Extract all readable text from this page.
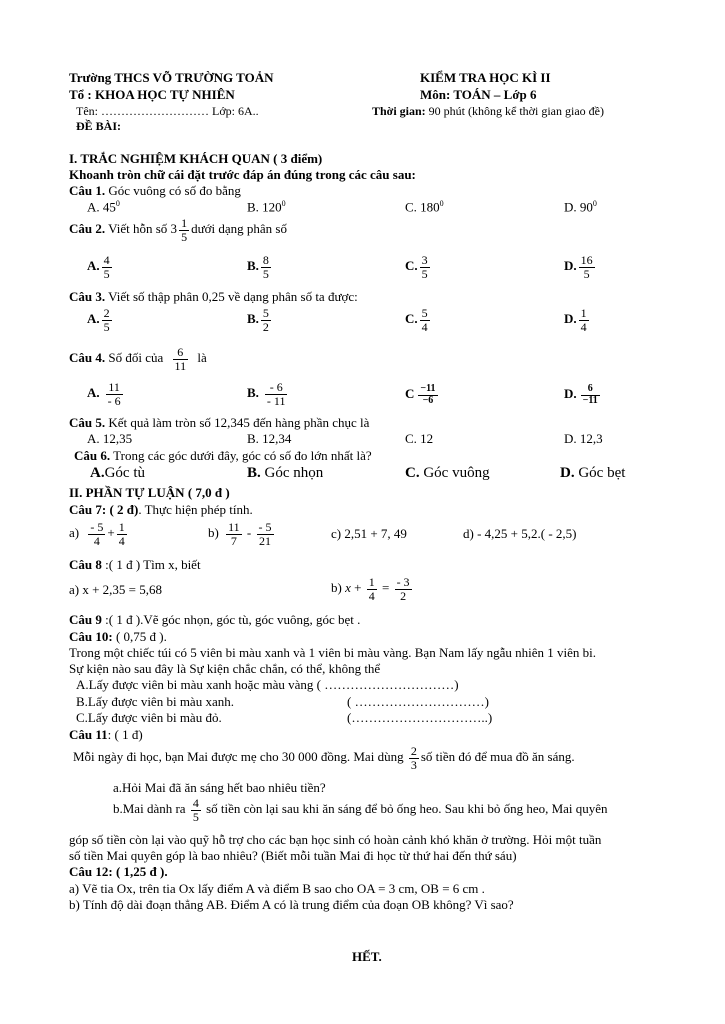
Trường THCS VÕ TRƯỜNG TOẢN	KIỂM TRA HỌC KÌ II
Tổ : KHOA HỌC TỰ NHIÊN	Môn: TOÁN – Lớp 6
Tên: ……………………… Lớp: 6A..	Thời gian: 90 phút (không kể thời gian giao đề)
ĐỀ BÀI:
I. TRẮC NGHIỆM KHÁCH QUAN ( 3 điểm)
Khoanh tròn chữ cái đặt trước đáp án đúng trong các câu sau:
Câu 1. Góc vuông có số đo bằng
A. $45^0$	B. $120^0$	C. $180^0$	D. $90^0$
Câu 2. Viết hỗn số $3 \frac{1}{5}$ dưới dạng phân số
A. $\frac{4}{5}$	B. $\frac{8}{5}$	C. $\frac{3}{5}$	D. $\frac{16}{5}$
Câu 3. Viết số thập phân 0,25 về dạng phân số ta được:
A. $\frac{2}{5}$	B. $\frac{5}{2}$	C. $\frac{5}{4}$	D. $\frac{1}{4}$
Câu 4. Số đối của $\frac{6}{11}$ là
A. $\frac{11}{- 6}$	B. $\frac{- 6}{- 11}$	C $\frac{-11}{-6}$	D. $\frac{6}{-11}$
Câu 5. Kết quả làm tròn số 12,345 đến hàng phần chục là
A. 12,35	B. 12,34	C. 12	D. 12,3
Câu 6. Trong các góc dưới đây, góc có số đo lớn nhất là?
A.Góc tù	B. Góc nhọn	C. Góc vuông	D. Góc bẹt
II. PHẦN TỰ LUẬN ( 7,0 đ )
Câu 7: ( 2 đ). Thực hiện phép tính.
$a) \frac{- 5}{4} + \frac{1}{4}$	$b) \frac{11}{7} - \frac{- 5}{21}$	c) 2,51 + 7, 49	d) - 4,25 + 5,2.( - 2,5)
Câu 8 :( 1 đ ) Tìm x, biết
a) x + 2,35 = 5,68	b) $x + \frac{1}{4} = \frac{- 3}{2}$
Câu 9 :( 1 đ ).Vẽ góc nhọn, góc tù, góc vuông, góc bẹt .
Câu 10: ( 0,75 đ ).
Trong một chiếc túi có 5 viên bi màu xanh và 1 viên bi màu vàng. Bạn Nam lấy ngẫu nhiên 1 viên bi.
Sự kiện nào sau đây là Sự kiện chắc chắn, có thể, không thể
A.Lấy được viên bi màu xanh hoặc màu vàng ( …………………………)
B.Lấy được viên bi màu xanh.	( …………………………)
C.Lấy được viên bi màu đỏ.	(…………………………..)
Câu 11: ( 1 đ)
Mỗi ngày đi học, bạn Mai được mẹ cho 30 000 đồng. Mai dùng $\frac{2}{3}$ số tiền đó để mua đồ ăn sáng.
a.Hỏi Mai đã ăn sáng hết bao nhiêu tiền?
b.Mai dành ra $\frac{4}{5}$ số tiền còn lại sau khi ăn sáng để bỏ ống heo. Sau khi bỏ ống heo, Mai quyên
góp số tiền còn lại vào quỹ hỗ trợ cho các bạn học sinh có hoàn cảnh khó khăn ở trường. Hỏi một tuần
số tiền Mai quyên góp là bao nhiêu? (Biết mỗi tuần Mai đi học từ thứ hai đến thứ sáu)
Câu 12: ( 1,25 đ ).
a) Vẽ tia Ox, trên tia Ox lấy điểm A và điểm B sao cho OA = 3 cm, OB = 6 cm .
b) Tính độ dài đoạn thẳng AB. Điểm A có là trung điểm của đoạn OB không? Vì sao?
HẾT.
